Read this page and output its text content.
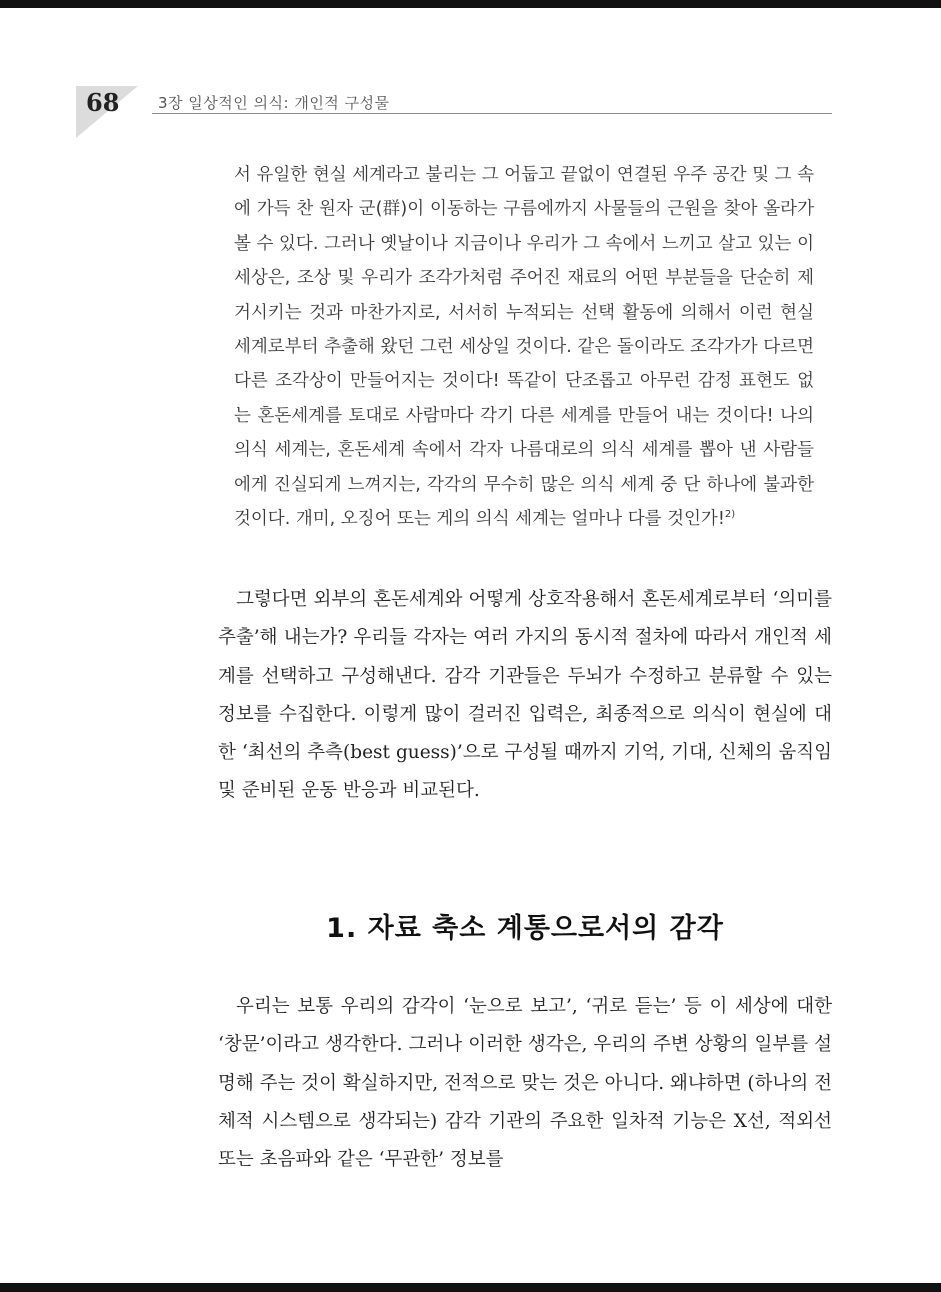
68	3장 일상적인 의식: 개인적 구성물

서 유일한 현실 세계라고 불리는 그 어둡고 끝없이 연결된 우주 공간 및 그 속에 가득 찬 원자 군(群)이 이동하는 구름에까지 사물들의 근원을 찾아 올라가 볼 수 있다. 그러나 옛날이나 지금이나 우리가 그 속에서 느끼고 살고 있는 이 세상은, 조상 및 우리가 조각가처럼 주어진 재료의 어떤 부분들을 단순히 제거시키는 것과 마찬가지로, 서서히 누적되는 선택 활동에 의해서 이런 현실 세계로부터 추출해 왔던 그런 세상일 것이다. 같은 돌이라도 조각가가 다르면 다른 조각상이 만들어지는 것이다! 똑같이 단조롭고 아무런 감정 표현도 없는 혼돈세계를 토대로 사람마다 각기 다른 세계를 만들어 내는 것이다! 나의 의식 세계는, 혼돈세계 속에서 각자 나름대로의 의식 세계를 뽑아 낸 사람들에게 진실되게 느껴지는, 각각의 무수히 많은 의식 세계 중 단 하나에 불과한 것이다. 개미, 오징어 또는 게의 의식 세계는 얼마나 다를 것인가!$^{2)}$

그렇다면 외부의 혼돈세계와 어떻게 상호작용해서 혼돈세계로부터 ‘의미를 추출’해 내는가? 우리들 각자는 여러 가지의 동시적 절차에 따라서 개인적 세계를 선택하고 구성해낸다. 감각 기관들은 두뇌가 수정하고 분류할 수 있는 정보를 수집한다. 이렇게 많이 걸러진 입력은, 최종적으로 의식이 현실에 대한 ‘최선의 추측(best guess)’으로 구성될 때까지 기억, 기대, 신체의 움직임 및 준비된 운동 반응과 비교된다.

1. 자료 축소 계통으로서의 감각

우리는 보통 우리의 감각이 ‘눈으로 보고’, ‘귀로 듣는’ 등 이 세상에 대한 ‘창문’이라고 생각한다. 그러나 이러한 생각은, 우리의 주변 상황의 일부를 설명해 주는 것이 확실하지만, 전적으로 맞는 것은 아니다. 왜냐하면 (하나의 전체적 시스템으로 생각되는) 감각 기관의 주요한 일차적 기능은 X선, 적외선 또는 초음파와 같은 ‘무관한’ 정보를
